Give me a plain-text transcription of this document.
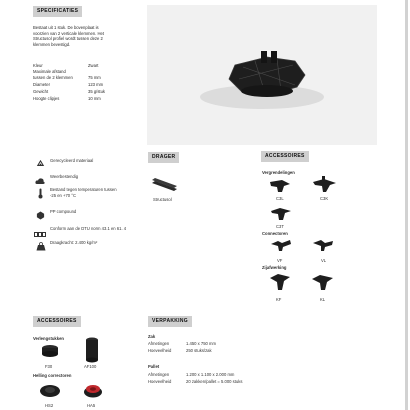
SPECIFICATIES
Bestaat uit 1 stuk. De bovenplaat is
voorzien van 2 verticale klemmen. Het
Structusol profiel wordt tussen deze 2
klemmen bevestigd.
Kleur	Zwart
Maximale afstand
tussen de 2 klemmen	75 mm
Diameter	123 mm
Gewicht	35 g/stuk
Hoogte clipjes	10 mm
Gerecycleerd materiaal
Weerbestendig
Bestand tegen temperaturen tussen
-25 en +70 °C
PP compound
Conform aan de DTU norm 43.1 en 61. 4
Draagkracht: 2.400 kg/m²
DRAGER
Structusol
ACCESSOIRES
Vergrendelingen
C3L	C3K
C3T
Connectoren
VF	VL
Zijafwerking
KF	KL
ACCESSOIRES
Verlengstukken
F30	AF100
Helling correctoren
HS2	HA5
VERPAKKING
Zak
Afmetingen	1.450 x 750 mm
Hoeveelheid	250 stuks/zak
Pallet
Afmetingen	1.200 x 1.100 x 2.000 mm
Hoeveelheid	20 zakken/pallet = 5.000 stuks
